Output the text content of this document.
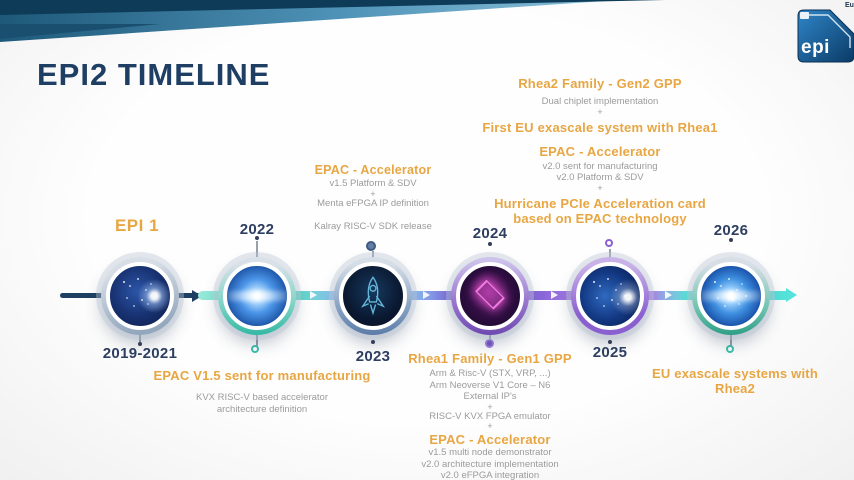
epi
Eu
EPI2 TIMELINE
EPI 1	2022	2024	2026
2019-2021	2023	2025
EPAC - Accelerator
v1.5 Platform & SDV
+
Menta eFPGA IP definition
Kalray RISC-V SDK release
Rhea2 Family - Gen2 GPP
Dual chiplet implementation
+
First EU exascale system with Rhea1
EPAC - Accelerator
v2.0 sent for manufacturing
v2.0 Platform & SDV
+
Hurricane PCIe Acceleration card
based on EPAC technology
EPAC V1.5 sent for manufacturing
KVX RISC-V based accelerator
architecture definition
Rhea1 Family - Gen1 GPP
Arm & Risc-V (STX, VRP, ...)
Arm Neoverse V1 Core – N6
External IP's
+
RISC-V KVX FPGA emulator
+
EPAC - Accelerator
v1.5 multi node demonstrator
v2.0 architecture implementation
v2.0 eFPGA integration
EU exascale systems with
Rhea2
